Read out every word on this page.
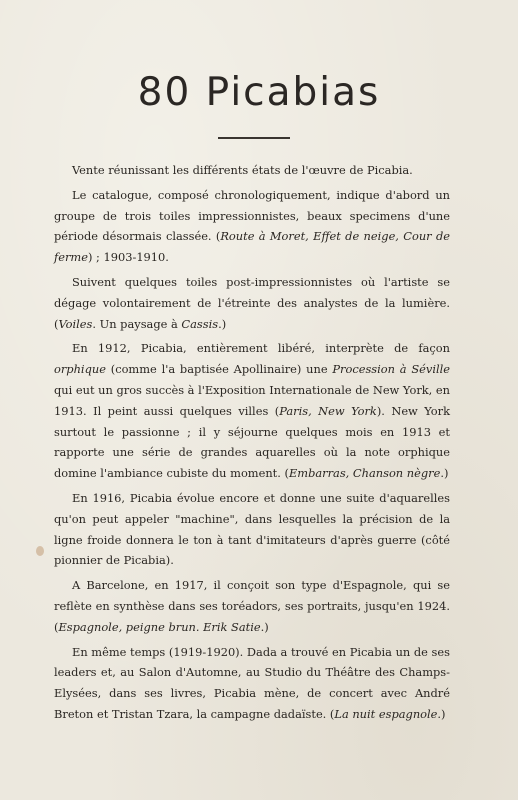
80 Picabias

Vente réunissant les différents états de l'œuvre de Picabia.

Le catalogue, composé chronologiquement, indique d'abord un groupe de trois toiles impressionnistes, beaux specimens d'une période désormais classée. (Route à Moret, Effet de neige, Cour de ferme) ; 1903-1910.

Suivent quelques toiles post-impressionnistes où l'artiste se dégage volontairement de l'étreinte des analystes de la lumière. (Voiles. Un paysage à Cassis.)

En 1912, Picabia, entièrement libéré, interprète de façon orphique (comme l'a baptisée Apollinaire) une Procession à Séville qui eut un gros succès à l'Exposition Internationale de New York, en 1913. Il peint aussi quelques villes (Paris, New York). New York surtout le passionne ; il y séjourne quelques mois en 1913 et rapporte une série de grandes aquarelles où la note orphique domine l'ambiance cubiste du moment. (Embarras, Chanson nègre.)

En 1916, Picabia évolue encore et donne une suite d'aquarelles qu'on peut appeler "machine", dans lesquelles la précision de la ligne froide donnera le ton à tant d'imitateurs d'après guerre (côté pionnier de Picabia).

A Barcelone, en 1917, il conçoit son type d'Espagnole, qui se reflète en synthèse dans ses toréadors, ses portraits, jusqu'en 1924. (Espagnole, peigne brun. Erik Satie.)

En même temps (1919-1920). Dada a trouvé en Picabia un de ses leaders et, au Salon d'Automne, au Studio du Théâtre des Champs-Elysées, dans ses livres, Picabia mène, de concert avec André Breton et Tristan Tzara, la campagne dadaïste. (La nuit espagnole.)
